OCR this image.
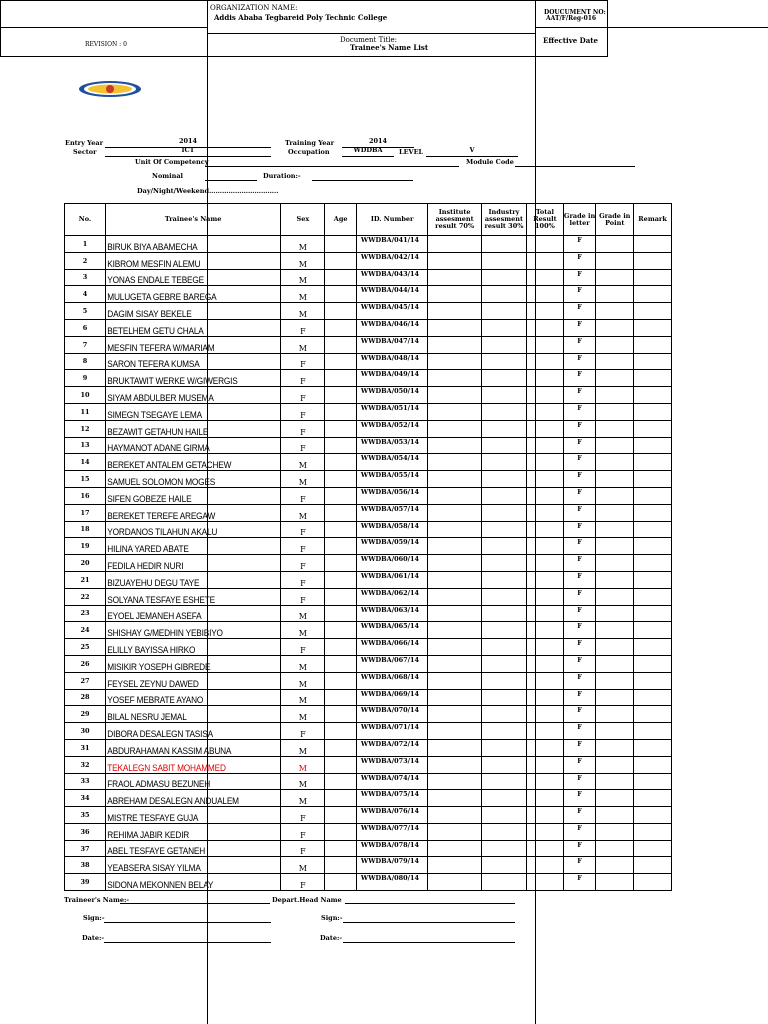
ORGANIZATION NAME:
Addis Ababa Tegbareid Poly Technic College
DOUCUMENT NO:
AAT/F/Reg-016
REVISION : 0
Document Title:
Trainee's Name List
Effective Date
Entry Year	2014	Training Year	2014
Sector	ICT	Occupation	WDDBA	LEVEL	V
Unit Of Competency	Module Code
Nominal	Duration:-
Day/Night/Weekend…………………………..
No.	Trainee's Name	Sex	Age	ID. Number	Institute assesment result 70%	Industry assesment result 30%	Total Result 100%	Grade in letter	Grade in Point	Remark
1	BIRUK BIYA ABAMECHA	M		WWDBA/041/14				F		
2	KIBROM MESFIN ALEMU	M		WWDBA/042/14				F		
3	YONAS ENDALE TEBEGE	M		WWDBA/043/14				F		
4	MULUGETA GEBRE BAREGA	M		WWDBA/044/14				F		
5	DAGIM SISAY BEKELE	M		WWDBA/045/14				F		
6	BETELHEM GETU CHALA	F		WWDBA/046/14				F		
7	MESFIN TEFERA W/MARIAM	M		WWDBA/047/14				F		
8	SARON TEFERA KUMSA	F		WWDBA/048/14				F		
9	BRUKTAWIT WERKE W/GIWERGIS	F		WWDBA/049/14				F		
10	SIYAM ABDULBER MUSEMA	F		WWDBA/050/14				F		
11	SIMEGN TSEGAYE LEMA	F		WWDBA/051/14				F		
12	BEZAWIT GETAHUN HAILE	F		WWDBA/052/14				F		
13	HAYMANOT ADANE GIRMA	F		WWDBA/053/14				F		
14	BEREKET ANTALEM GETACHEW	M		WWDBA/054/14				F		
15	SAMUEL SOLOMON MOGES	M		WWDBA/055/14				F		
16	SIFEN GOBEZE HAILE	F		WWDBA/056/14				F		
17	BEREKET TEREFE AREGAW	M		WWDBA/057/14				F		
18	YORDANOS TILAHUN AKALU	F		WWDBA/058/14				F		
19	HILINA YARED ABATE	F		WWDBA/059/14				F		
20	FEDILA HEDIR NURI	F		WWDBA/060/14				F		
21	BIZUAYEHU DEGU TAYE	F		WWDBA/061/14				F		
22	SOLYANA TESFAYE ESHETE	F		WWDBA/062/14				F		
23	EYOEL JEMANEH ASEFA	M		WWDBA/063/14				F		
24	SHISHAY G/MEDHIN YEBIBIYO	M		WWDBA/065/14				F		
25	ELILLY BAYISSA HIRKO	F		WWDBA/066/14				F		
26	MISIKIR YOSEPH GIBREDE	M		WWDBA/067/14				F		
27	FEYSEL ZEYNU DAWED	M		WWDBA/068/14				F		
28	YOSEF MEBRATE AYANO	M		WWDBA/069/14				F		
29	BILAL NESRU JEMAL	M		WWDBA/070/14				F		
30	DIBORA DESALEGN TASISA	F		WWDBA/071/14				F		
31	ABDURAHAMAN KASSIM ABUNA	M		WWDBA/072/14				F		
32	TEKALEGN SABIT MOHAMMED	M		WWDBA/073/14				F		
33	FRAOL ADMASU BEZUNEH	M		WWDBA/074/14				F		
34	ABREHAM DESALEGN ANDUALEM	M		WWDBA/075/14				F		
35	MISTRE TESFAYE GUJA	F		WWDBA/076/14				F		
36	REHIMA JABIR KEDIR	F		WWDBA/077/14				F		
37	ABEL TESFAYE GETANEH	F		WWDBA/078/14				F		
38	YEABSERA SISAY YILMA	M		WWDBA/079/14				F		
39	SIDONA MEKONNEN BELAY	F		WWDBA/080/14				F		
Traineer's Name:-	Depart.Head Name
Sign:-	Sign:-
Date:-	Date:-
